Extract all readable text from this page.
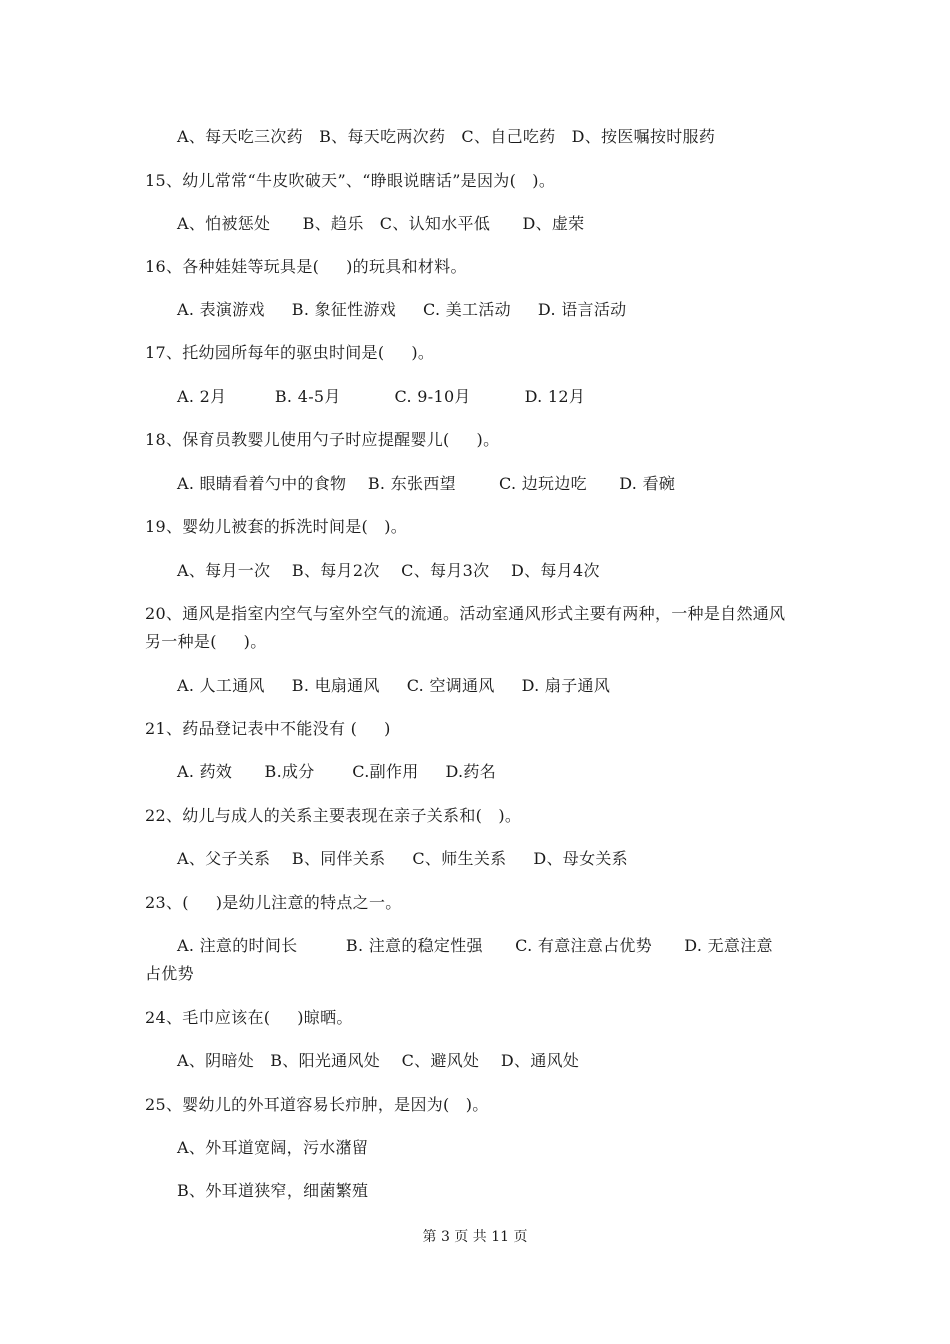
A、每天吃三次药   B、每天吃两次药   C、自己吃药   D、按医嘱按时服药
15、幼儿常常“牛皮吹破天”、“睁眼说瞎话”是因为(   )。
A、怕被惩处      B、趋乐   C、认知水平低      D、虚荣
16、各种娃娃等玩具是(     )的玩具和材料。
A. 表演游戏     B. 象征性游戏     C. 美工活动     D. 语言活动
17、托幼园所每年的驱虫时间是(     )。
A. 2月         B. 4-5月          C. 9-10月          D. 12月
18、保育员教婴儿使用勺子时应提醒婴儿(     )。
A. 眼睛看着勺中的食物    B. 东张西望        C. 边玩边吃      D. 看碗
19、婴幼儿被套的拆洗时间是(   )。
A、每月一次    B、每月2次    C、每月3次    D、每月4次
20、通风是指室内空气与室外空气的流通。活动室通风形式主要有两种，一种是自然通风
另一种是(     )。
A. 人工通风     B. 电扇通风     C. 空调通风     D. 扇子通风
21、药品登记表中不能没有 (     )
A. 药效      B.成分       C.副作用     D.药名
22、幼儿与成人的关系主要表现在亲子关系和(   )。
A、父子关系    B、同伴关系     C、师生关系     D、母女关系
23、(     )是幼儿注意的特点之一。
A. 注意的时间长         B. 注意的稳定性强      C. 有意注意占优势      D. 无意注意
占优势
24、毛巾应该在(     )晾晒。
A、阴暗处   B、阳光通风处    C、避风处    D、通风处
25、婴幼儿的外耳道容易长疖肿，是因为(   )。
A、外耳道宽阔，污水潴留
B、外耳道狭窄，细菌繁殖
第 3 页 共 11 页
